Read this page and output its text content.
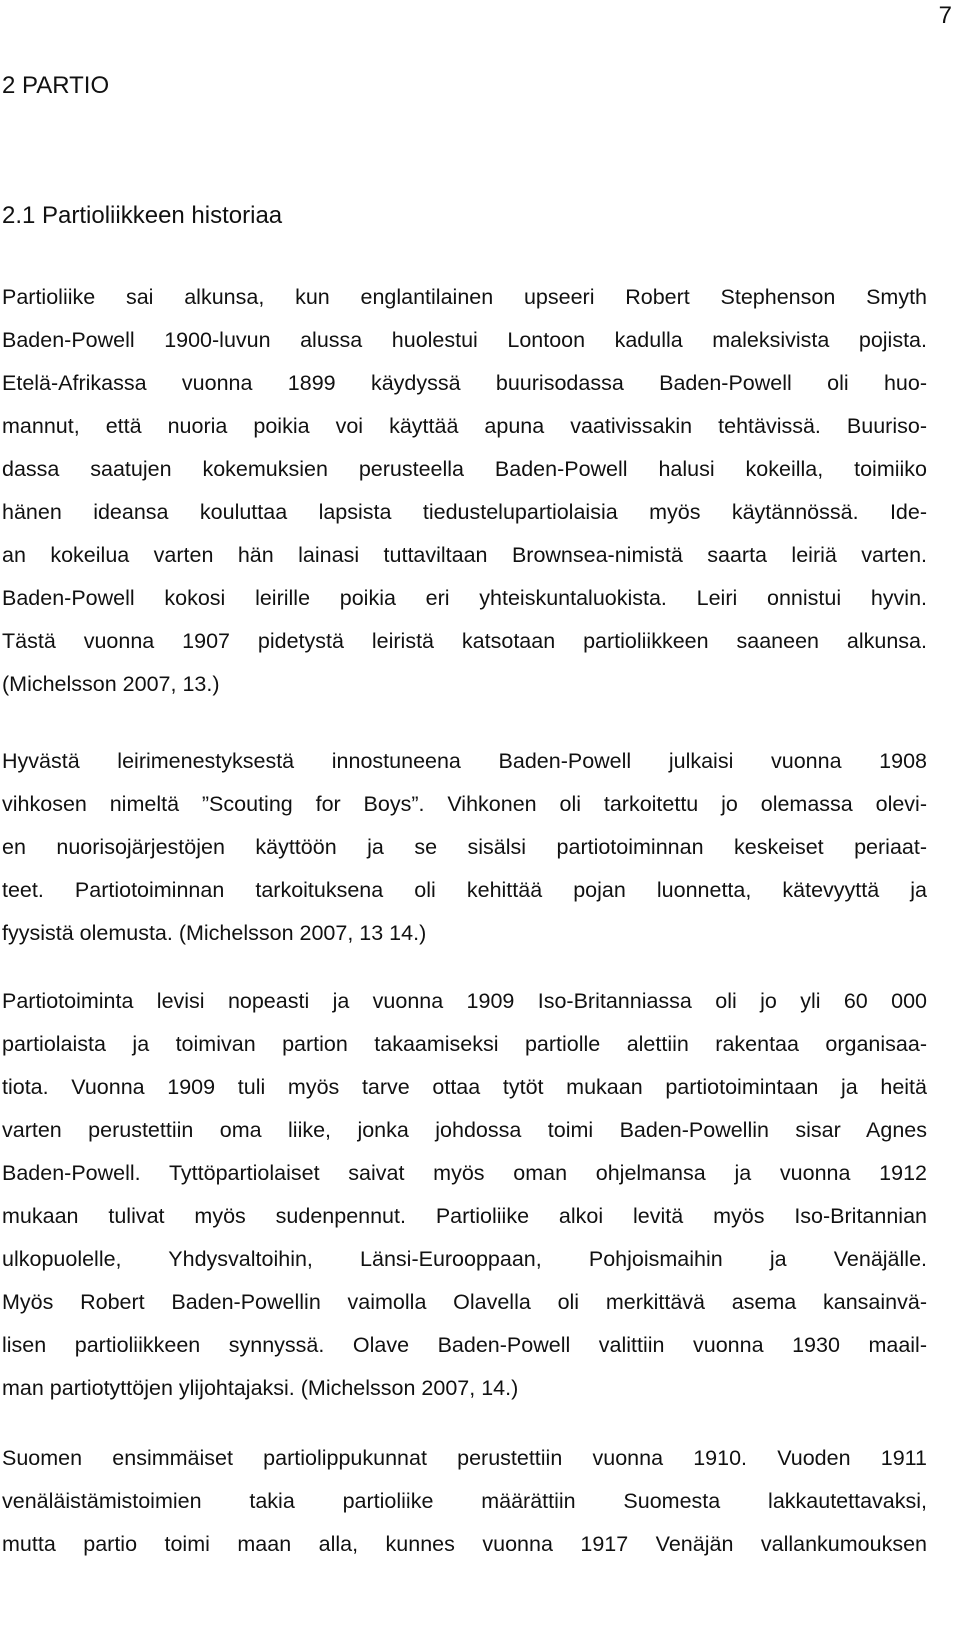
7

2 PARTIO
2.1 Partioliikkeen historiaa
Partioliike sai alkunsa, kun englantilainen upseeri Robert Stephenson Smyth
Baden-Powell 1900-luvun alussa huolestui Lontoon kadulla maleksivista pojista.
Etelä-Afrikassa vuonna 1899 käydyssä buurisodassa Baden-Powell oli huo-
mannut, että nuoria poikia voi käyttää apuna vaativissakin tehtävissä. Buuriso-
dassa saatujen kokemuksien perusteella Baden-Powell halusi kokeilla, toimiiko
hänen ideansa kouluttaa lapsista tiedustelupartiolaisia myös käytännössä. Ide-
an kokeilua varten hän lainasi tuttaviltaan Brownsea-nimistä saarta leiriä varten.
Baden-Powell kokosi leirille poikia eri yhteiskuntaluokista. Leiri onnistui hyvin.
Tästä vuonna 1907 pidetystä leiristä katsotaan partioliikkeen saaneen alkunsa.
(Michelsson 2007, 13.)
Hyvästä leirimenestyksestä innostuneena Baden-Powell julkaisi vuonna 1908
vihkosen nimeltä ”Scouting for Boys”. Vihkonen oli tarkoitettu jo olemassa olevi-
en nuorisojärjestöjen käyttöön ja se sisälsi partiotoiminnan keskeiset periaat-
teet. Partiotoiminnan tarkoituksena oli kehittää pojan luonnetta, kätevyyttä ja
fyysistä olemusta. (Michelsson 2007, 13 14.)
Partiotoiminta levisi nopeasti ja vuonna 1909 Iso-Britanniassa oli jo yli 60 000
partiolaista ja toimivan partion takaamiseksi partiolle alettiin rakentaa organisaa-
tiota. Vuonna 1909 tuli myös tarve ottaa tytöt mukaan partiotoimintaan ja heitä
varten perustettiin oma liike, jonka johdossa toimi Baden-Powellin sisar Agnes
Baden-Powell. Tyttöpartiolaiset saivat myös oman ohjelmansa ja vuonna 1912
mukaan tulivat myös sudenpennut. Partioliike alkoi levitä myös Iso-Britannian
ulkopuolelle, Yhdysvaltoihin, Länsi-Eurooppaan, Pohjoismaihin ja Venäjälle.
Myös Robert Baden-Powellin vaimolla Olavella oli merkittävä asema kansainvä-
lisen partioliikkeen synnyssä. Olave Baden-Powell valittiin vuonna 1930 maail-
man partiotyttöjen ylijohtajaksi. (Michelsson 2007, 14.)
Suomen ensimmäiset partiolippukunnat perustettiin vuonna 1910. Vuoden 1911
venäläistämistoimien takia partioliike määrättiin Suomesta lakkautettavaksi,
mutta partio toimi maan alla, kunnes vuonna 1917 Venäjän vallankumouksen
